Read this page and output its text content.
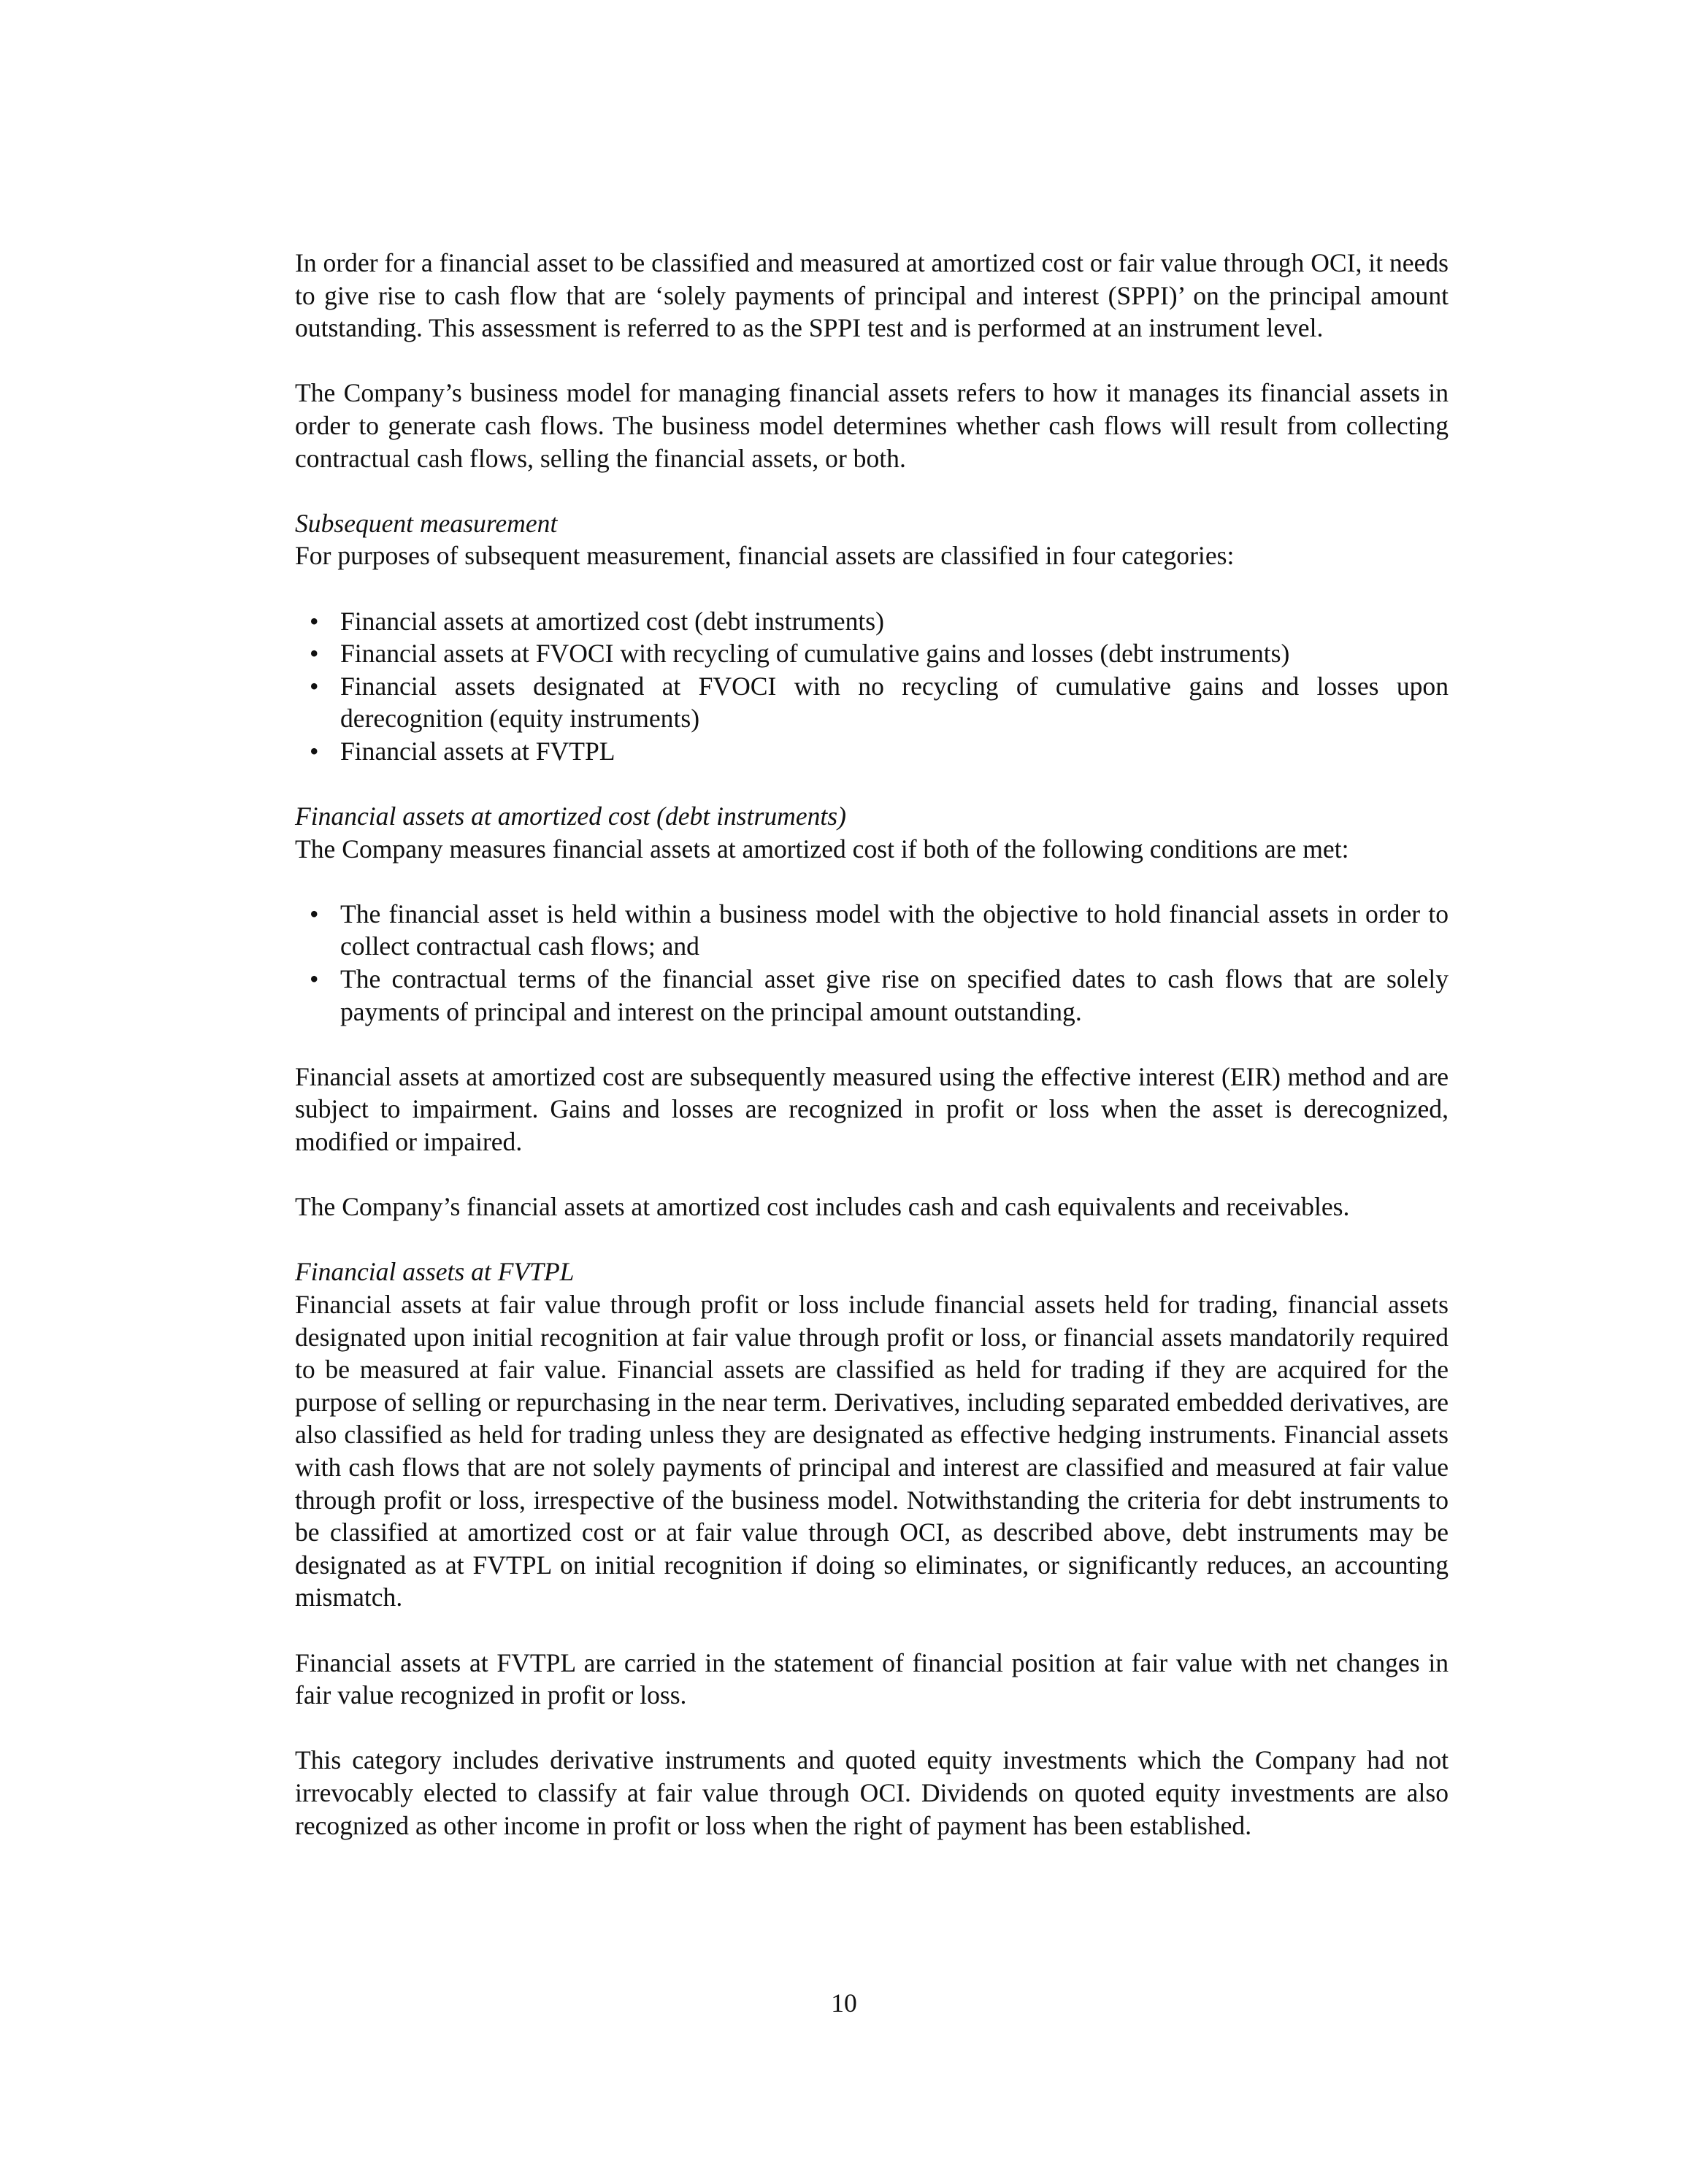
In order for a financial asset to be classified and measured at amortized cost or fair value through OCI, it needs to give rise to cash flow that are ‘solely payments of principal and interest (SPPI)’ on the principal amount outstanding. This assessment is referred to as the SPPI test and is performed at an instrument level.

The Company’s business model for managing financial assets refers to how it manages its financial assets in order to generate cash flows. The business model determines whether cash flows will result from collecting contractual cash flows, selling the financial assets, or both.

Subsequent measurement

For purposes of subsequent measurement, financial assets are classified in four categories:

• Financial assets at amortized cost (debt instruments)
• Financial assets at FVOCI with recycling of cumulative gains and losses (debt instruments)
• Financial assets designated at FVOCI with no recycling of cumulative gains and losses upon derecognition (equity instruments)
• Financial assets at FVTPL

Financial assets at amortized cost (debt instruments)

The Company measures financial assets at amortized cost if both of the following conditions are met:

• The financial asset is held within a business model with the objective to hold financial assets in order to collect contractual cash flows; and
• The contractual terms of the financial asset give rise on specified dates to cash flows that are solely payments of principal and interest on the principal amount outstanding.

Financial assets at amortized cost are subsequently measured using the effective interest (EIR) method and are subject to impairment. Gains and losses are recognized in profit or loss when the asset is derecognized, modified or impaired.

The Company’s financial assets at amortized cost includes cash and cash equivalents and receivables.

Financial assets at FVTPL

Financial assets at fair value through profit or loss include financial assets held for trading, financial assets designated upon initial recognition at fair value through profit or loss, or financial assets mandatorily required to be measured at fair value. Financial assets are classified as held for trading if they are acquired for the purpose of selling or repurchasing in the near term. Derivatives, including separated embedded derivatives, are also classified as held for trading unless they are designated as effective hedging instruments. Financial assets with cash flows that are not solely payments of principal and interest are classified and measured at fair value through profit or loss, irrespective of the business model. Notwithstanding the criteria for debt instruments to be classified at amortized cost or at fair value through OCI, as described above, debt instruments may be designated as at FVTPL on initial recognition if doing so eliminates, or significantly reduces, an accounting mismatch.

Financial assets at FVTPL are carried in the statement of financial position at fair value with net changes in fair value recognized in profit or loss.

This category includes derivative instruments and quoted equity investments which the Company had not irrevocably elected to classify at fair value through OCI. Dividends on quoted equity investments are also recognized as other income in profit or loss when the right of payment has been established.

10
